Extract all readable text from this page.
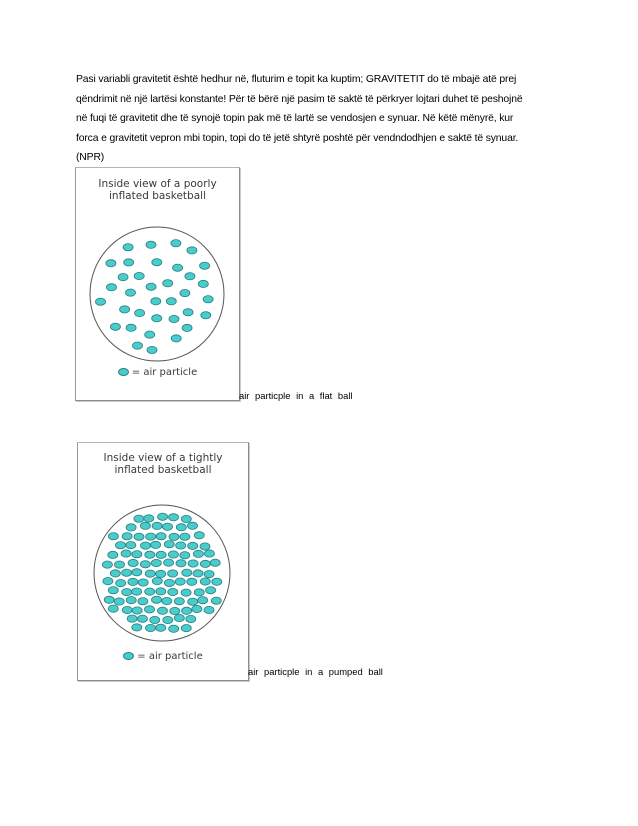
Pasi variabli gravitetit është hedhur në, fluturim e topit ka kuptim; GRAVITETIT do të mbajë atë prej
qëndrimit në një lartësi konstante! Për të bërë një pasim të saktë të përkryer lojtari duhet të peshojnë
në fuqi të gravitetit dhe të synojë topin pak më të lartë se vendosjen e synuar. Në këtë mënyrë, kur
forca e gravitetit vepron mbi topin, topi do të jetë shtyrë poshtë për vendndodhjen e saktë të synuar.
(NPR)
Inside view of a poorly
inflated basketball
= air particle
air particple in a flat ball
Inside view of a tightly
inflated basketball
= air particle
air particple in a pumped ball
